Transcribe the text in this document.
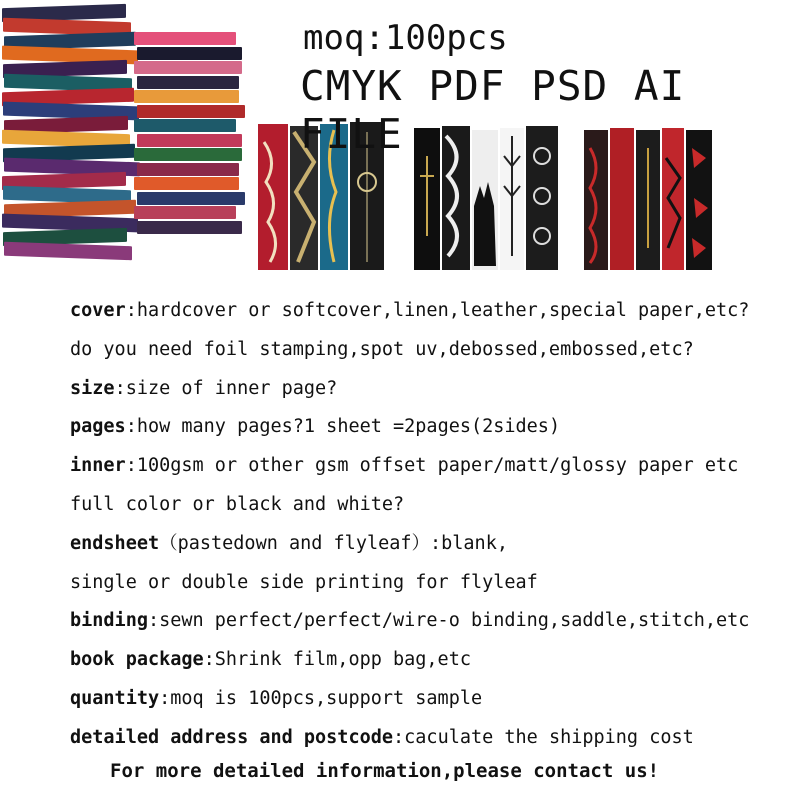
moq:100pcs
CMYK PDF PSD AI FILE
cover:hardcover or softcover,linen,leather,special paper,etc?
do you need foil stamping,spot uv,debossed,embossed,etc?
size:size of inner page?
pages:how many pages?1 sheet =2pages(2sides)
inner:100gsm or other gsm offset paper/matt/glossy paper etc
full color or black and white?
endsheet（pastedown and flyleaf）:blank,
single or double side printing for flyleaf
binding:sewn perfect/perfect/wire-o binding,saddle,stitch,etc
book package:Shrink film,opp bag,etc
quantity:moq is 100pcs,support sample
detailed address and postcode:caculate the shipping cost
For more detailed information,please contact us!
